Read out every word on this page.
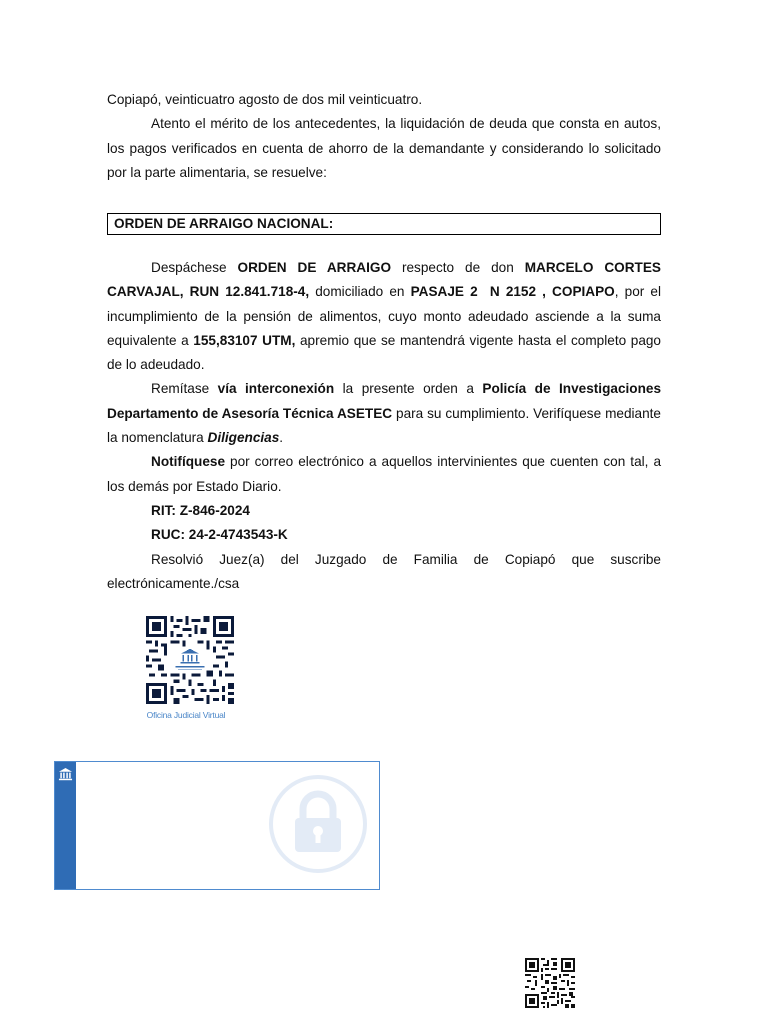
Copiapó, veinticuatro agosto de dos mil veinticuatro.

Atento el mérito de los antecedentes, la liquidación de deuda que consta en autos, los pagos verificados en cuenta de ahorro de la demandante y considerando lo solicitado por la parte alimentaria, se resuelve:

ORDEN DE ARRAIGO NACIONAL:

Despáchese ORDEN DE ARRAIGO respecto de don MARCELO CORTES CARVAJAL, RUN 12.841.718-4, domiciliado en PASAJE 2  N 2152 , COPIAPO, por el incumplimiento de la pensión de alimentos, cuyo monto adeudado asciende a la suma equivalente a 155,83107 UTM, apremio que se mantendrá vigente hasta el completo pago de lo adeudado.

Remítase vía interconexión la presente orden a Policía de Investigaciones Departamento de Asesoría Técnica ASETEC para su cumplimiento. Verifíquese mediante la nomenclatura Diligencias.

Notifíquese por correo electrónico a aquellos intervinientes que cuenten con tal, a los demás por Estado Diario.

RIT: Z-846-2024

RUC: 24-2-4743543-K

Resolvió Juez(a) del Juzgado de Familia de Copiapó que suscribe electrónicamente./csa

Oficina Judicial Virtual
